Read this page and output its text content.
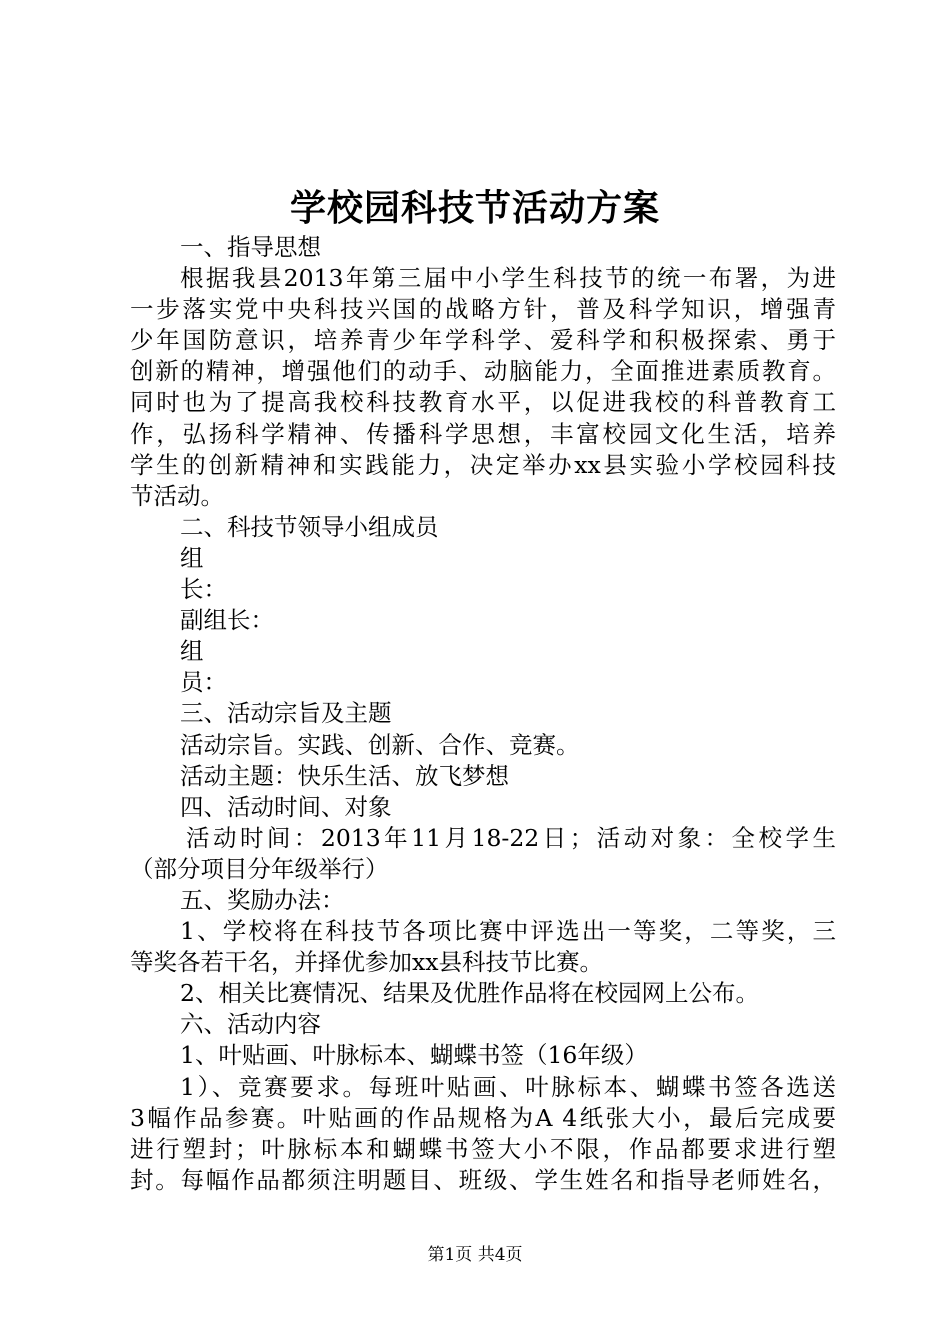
学校园科技节活动方案
一、指导思想
根据我县2013年第三届中小学生科技节的统一布署，为进
一步落实党中央科技兴国的战略方针，普及科学知识，增强青
少年国防意识，培养青少年学科学、爱科学和积极探索、勇于
创新的精神，增强他们的动手、动脑能力，全面推进素质教育。
同时也为了提高我校科技教育水平，以促进我校的科普教育工
作，弘扬科学精神、传播科学思想，丰富校园文化生活，培养
学生的创新精神和实践能力，决定举办xx县实验小学校园科技
节活动。
二、科技节领导小组成员
组
长：
副组长：
组
员：
三、活动宗旨及主题
活动宗旨。实践、创新、合作、竞赛。
活动主题：快乐生活、放飞梦想
四、活动时间、对象
活动时间：2013年11月18-22日；活动对象：全校学生
（部分项目分年级举行）
五、奖励办法：
1、学校将在科技节各项比赛中评选出一等奖，二等奖，三
等奖各若干名，并择优参加xx县科技节比赛。
2、相关比赛情况、结果及优胜作品将在校园网上公布。
六、活动内容
1、叶贴画、叶脉标本、蝴蝶书签（16年级）
1）、竞赛要求。每班叶贴画、叶脉标本、蝴蝶书签各选送
3幅作品参赛。叶贴画的作品规格为A 4纸张大小，最后完成要
进行塑封；叶脉标本和蝴蝶书签大小不限，作品都要求进行塑
封。每幅作品都须注明题目、班级、学生姓名和指导老师姓名，
第1页 共4页
